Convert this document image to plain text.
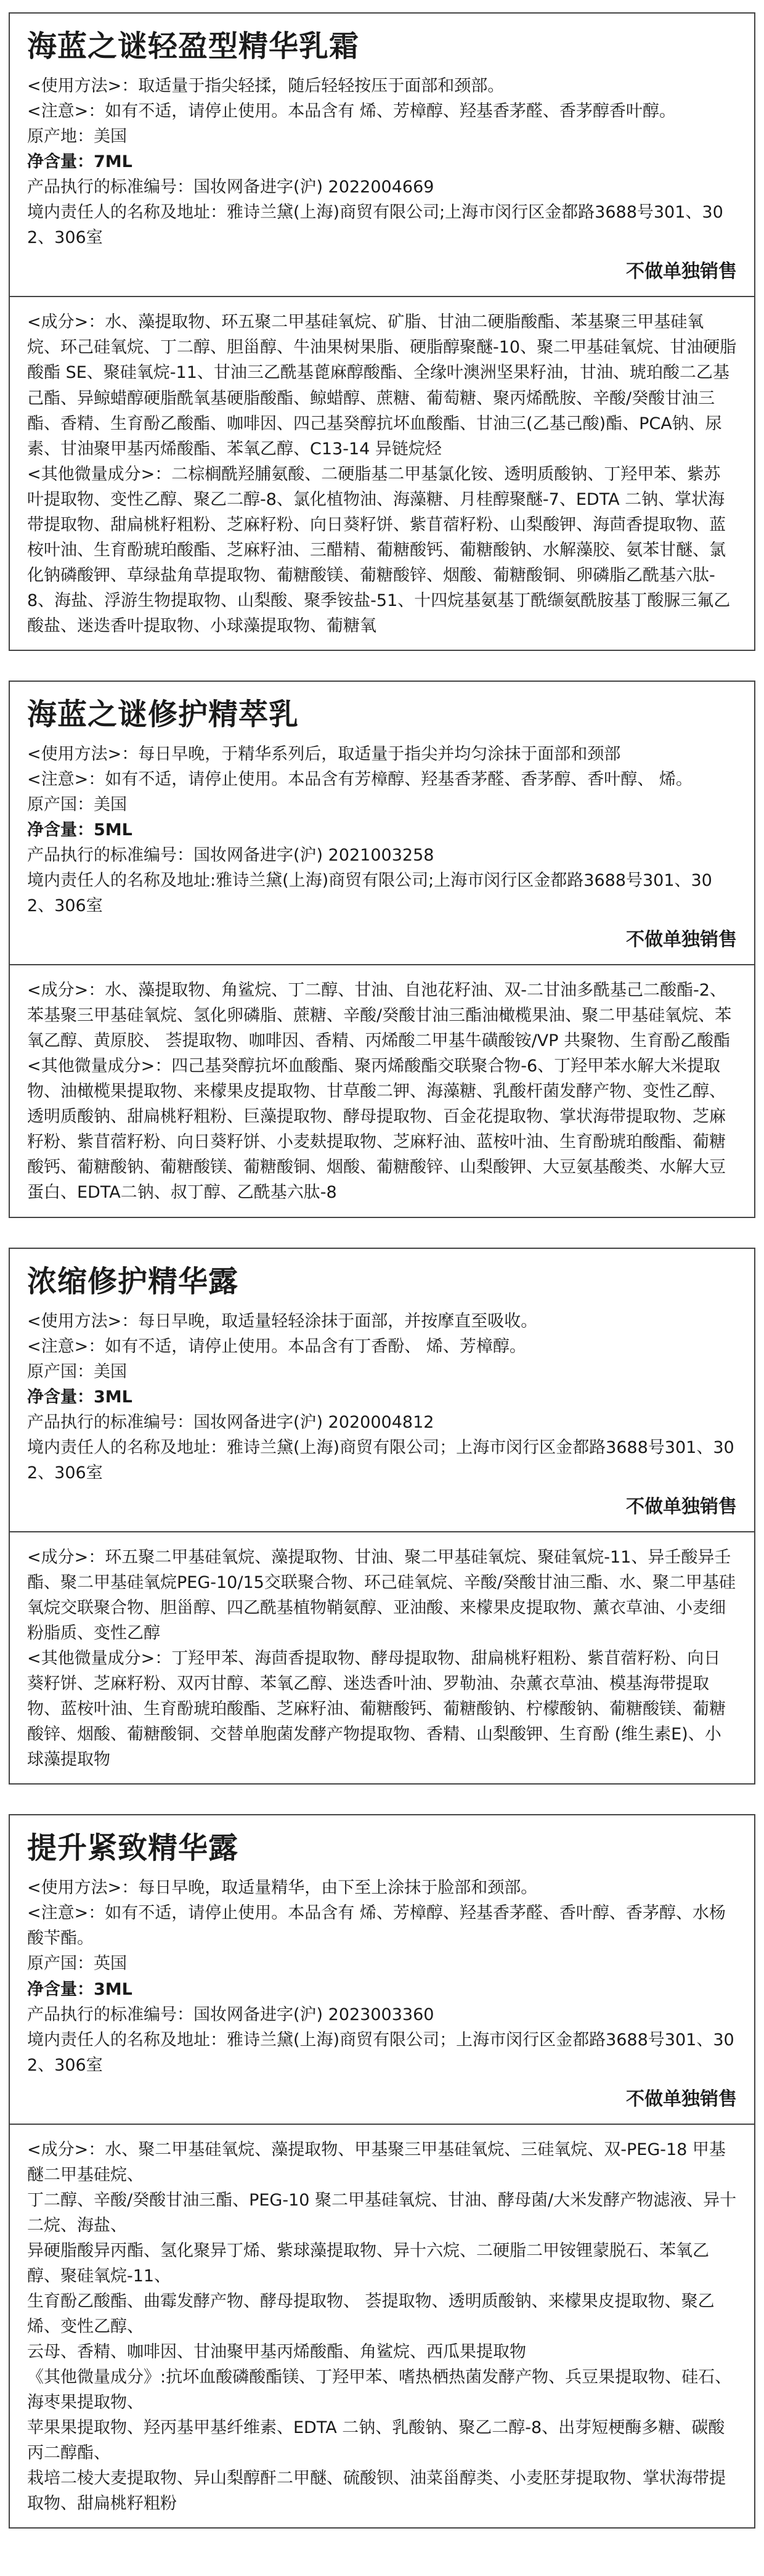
海蓝之谜轻盈型精华乳霜

<使用方法>：取适量于指尖轻揉，随后轻轻按压于面部和颈部。

<注意>：如有不适，请停止使用。本品含有 烯、芳樟醇、羟基香茅醛、香茅醇香叶醇。

原产地：美国

净含量：7ML

产品执行的标准编号：国妆网备进字(沪) 2022004669

境内责任人的名称及地址：雅诗兰黛(上海)商贸有限公司;上海市闵行区金都路3688号301、302、306室

不做单独销售

<成分>：水、藻提取物、环五聚二甲基硅氧烷、矿脂、甘油二硬脂酸酯、苯基聚三甲基硅氧烷、环己硅氧烷、丁二醇、胆甾醇、牛油果树果脂、硬脂醇聚醚-10、聚二甲基硅氧烷、甘油硬脂酸酯 SE、聚硅氧烷-11、甘油三乙酰基蓖麻醇酸酯、全缘叶澳洲坚果籽油，甘油、琥珀酸二乙基己酯、异鲸蜡醇硬脂酰氧基硬脂酸酯、鲸蜡醇、蔗糖、葡萄糖、聚丙烯酰胺、辛酸/癸酸甘油三酯、香精、生育酚乙酸酯、咖啡因、四己基癸醇抗坏血酸酯、甘油三(乙基己酸)酯、PCA钠、尿素、甘油聚甲基丙烯酸酯、苯氧乙醇、C13-14 异链烷烃

<其他微量成分>：二棕榈酰羟脯氨酸、二硬脂基二甲基氯化铵、透明质酸钠、丁羟甲苯、紫苏叶提取物、变性乙醇、聚乙二醇-8、氯化植物油、海藻糖、月桂醇聚醚-7、EDTA 二钠、掌状海带提取物、甜扁桃籽粗粉、芝麻籽粉、向日葵籽饼、紫苜蓿籽粉、山梨酸钾、海茴香提取物、蓝桉叶油、生育酚琥珀酸酯、芝麻籽油、三醋精、葡糖酸钙、葡糖酸钠、水解藻胶、氨苯甘醚、氯化钠磷酸钾、草绿盐角草提取物、葡糖酸镁、葡糖酸锌、烟酸、葡糖酸铜、卵磷脂乙酰基六肽-8、海盐、浮游生物提取物、山梨酸、聚季铵盐-51、十四烷基氨基丁酰缬氨酰胺基丁酸脲三氟乙酸盐、迷迭香叶提取物、小球藻提取物、葡糖氧

海蓝之谜修护精萃乳

<使用方法>：每日早晚，于精华系列后，取适量于指尖并均匀涂抹于面部和颈部

<注意>：如有不适，请停止使用。本品含有芳樟醇、羟基香茅醛、香茅醇、香叶醇、 烯。

原产国：美国

净含量：5ML

产品执行的标准编号：国妆网备进字(沪) 2021003258

境内责任人的名称及地址:雅诗兰黛(上海)商贸有限公司;上海市闵行区金都路3688号301、302、306室

不做单独销售

<成分>：水、藻提取物、角鲨烷、丁二醇、甘油、自池花籽油、双-二甘油多酰基己二酸酯-2、苯基聚三甲基硅氧烷、氢化卵磷脂、蔗糖、辛酸/癸酸甘油三酯油橄榄果油、聚二甲基硅氧烷、苯氧乙醇、黄原胶、 荟提取物、咖啡因、香精、丙烯酸二甲基牛磺酸铵/VP 共聚物、生育酚乙酸酯

<其他微量成分>：四己基癸醇抗坏血酸酯、聚丙烯酸酯交联聚合物-6、丁羟甲苯水解大米提取物、油橄榄果提取物、来檬果皮提取物、甘草酸二钾、海藻糖、乳酸杆菌发酵产物、变性乙醇、透明质酸钠、甜扁桃籽粗粉、巨藻提取物、酵母提取物、百金花提取物、掌状海带提取物、芝麻籽粉、紫苜蓿籽粉、向日葵籽饼、小麦麸提取物、芝麻籽油、蓝桉叶油、生育酚琥珀酸酯、葡糖酸钙、葡糖酸钠、葡糖酸镁、葡糖酸铜、烟酸、葡糖酸锌、山梨酸钾、大豆氨基酸类、水解大豆蛋白、EDTA二钠、叔丁醇、乙酰基六肽-8

浓缩修护精华露

<使用方法>：每日早晚，取适量轻轻涂抹于面部，并按摩直至吸收。

<注意>：如有不适，请停止使用。本品含有丁香酚、 烯、芳樟醇。

原产国：美国

净含量：3ML

产品执行的标准编号：国妆网备进字(沪) 2020004812

境内责任人的名称及地址：雅诗兰黛(上海)商贸有限公司；上海市闵行区金都路3688号301、302、306室

不做单独销售

<成分>：环五聚二甲基硅氧烷、藻提取物、甘油、聚二甲基硅氧烷、聚硅氧烷-11、异壬酸异壬酯、聚二甲基硅氧烷PEG-10/15交联聚合物、环己硅氧烷、辛酸/癸酸甘油三酯、水、聚二甲基硅氧烷交联聚合物、胆甾醇、四乙酰基植物鞘氨醇、亚油酸、来檬果皮提取物、薰衣草油、小麦细粉脂质、变性乙醇

<其他微量成分>：丁羟甲苯、海茴香提取物、酵母提取物、甜扁桃籽粗粉、紫苜蓿籽粉、向日葵籽饼、芝麻籽粉、双丙甘醇、苯氧乙醇、迷迭香叶油、罗勒油、杂薰衣草油、模基海带提取物、蓝桉叶油、生育酚琥珀酸酯、芝麻籽油、葡糖酸钙、葡糖酸钠、柠檬酸钠、葡糖酸镁、葡糖酸锌、烟酸、葡糖酸铜、交替单胞菌发酵产物提取物、香精、山梨酸钾、生育酚 (维生素E)、小球藻提取物

提升紧致精华露

<使用方法>：每日早晚，取适量精华，由下至上涂抹于脸部和颈部。

<注意>：如有不适，请停止使用。本品含有 烯、芳樟醇、羟基香茅醛、香叶醇、香茅醇、水杨酸苄酯。

原产国：英国

净含量：3ML

产品执行的标准编号：国妆网备进字(沪) 2023003360

境内责任人的名称及地址：雅诗兰黛(上海)商贸有限公司；上海市闵行区金都路3688号301、302、306室

不做单独销售

<成分>：水、聚二甲基硅氧烷、藻提取物、甲基聚三甲基硅氧烷、三硅氧烷、双-PEG-18 甲基醚二甲基硅烷、

丁二醇、辛酸/癸酸甘油三酯、PEG-10 聚二甲基硅氧烷、甘油、酵母菌/大米发酵产物滤液、异十二烷、海盐、

异硬脂酸异丙酯、氢化聚异丁烯、紫球藻提取物、异十六烷、二硬脂二甲铵锂蒙脱石、苯氧乙醇、聚硅氧烷-11、

生育酚乙酸酯、曲霉发酵产物、酵母提取物、 荟提取物、透明质酸钠、来檬果皮提取物、聚乙烯、变性乙醇、

云母、香精、咖啡因、甘油聚甲基丙烯酸酯、角鲨烷、西瓜果提取物

《其他微量成分》:抗坏血酸磷酸酯镁、丁羟甲苯、嗜热栖热菌发酵产物、兵豆果提取物、硅石、海枣果提取物、

苹果果提取物、羟丙基甲基纤维素、EDTA 二钠、乳酸钠、聚乙二醇-8、出芽短梗酶多糖、碳酸丙二醇酯、

栽培二棱大麦提取物、异山梨醇酐二甲醚、硫酸钡、油菜甾醇类、小麦胚芽提取物、掌状海带提取物、甜扁桃籽粗粉
